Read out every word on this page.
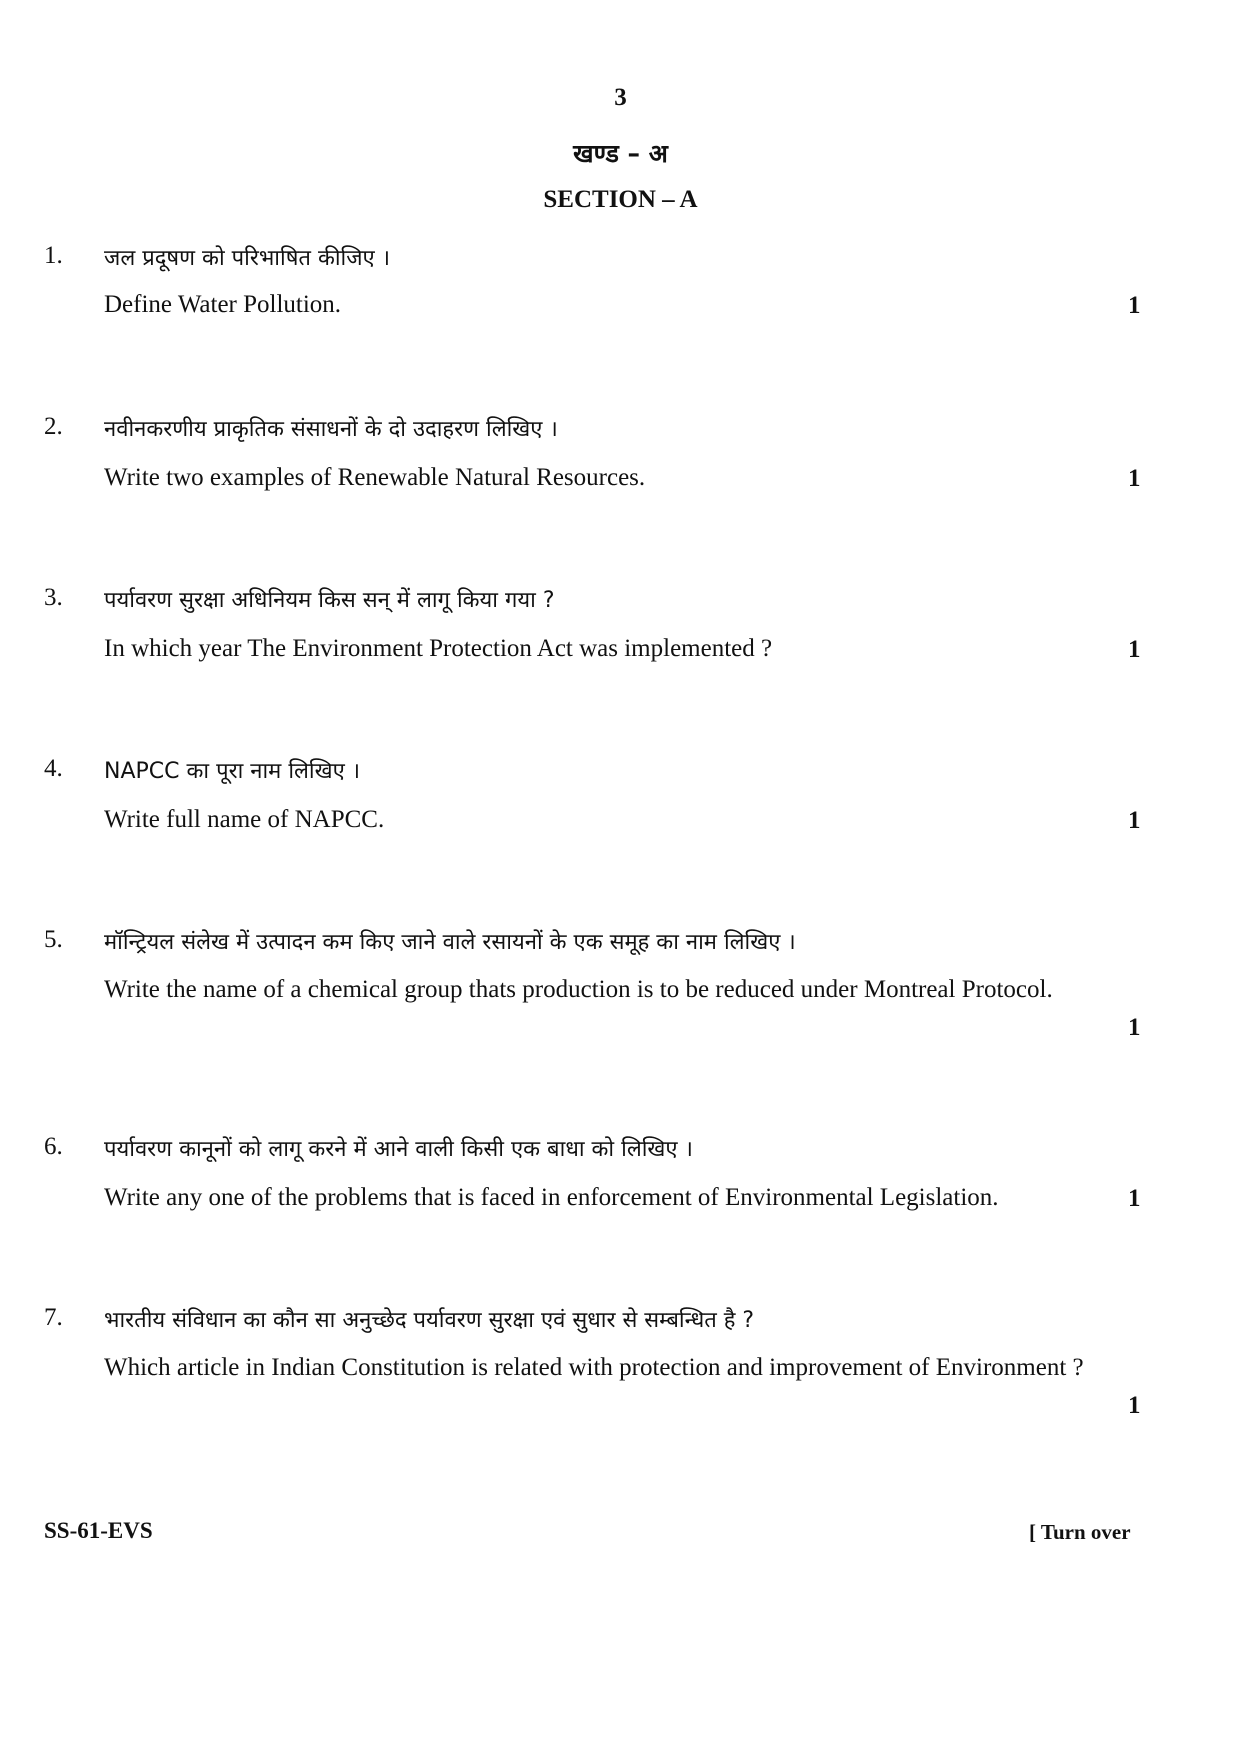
3
खण्ड – अ
SECTION – A
1. जल प्रदूषण को परिभाषित कीजिए ।
Define Water Pollution.	1
2. नवीनकरणीय प्राकृतिक संसाधनों के दो उदाहरण लिखिए ।
Write two examples of Renewable Natural Resources.	1
3. पर्यावरण सुरक्षा अधिनियम किस सन् में लागू किया गया ?
In which year The Environment Protection Act was implemented ?	1
4. NAPCC का पूरा नाम लिखिए ।
Write full name of NAPCC.	1
5. मॉन्ट्रियल संलेख में उत्पादन कम किए जाने वाले रसायनों के एक समूह का नाम लिखिए ।
Write the name of a chemical group thats production is to be reduced under Montreal Protocol.
1
6. पर्यावरण कानूनों को लागू करने में आने वाली किसी एक बाधा को लिखिए ।
Write any one of the problems that is faced in enforcement of Environmental Legislation.	1
7. भारतीय संविधान का कौन सा अनुच्छेद पर्यावरण सुरक्षा एवं सुधार से सम्बन्धित है ?
Which article in Indian Constitution is related with protection and improvement of Environment ?
1
SS-61-EVS	[ Turn over
